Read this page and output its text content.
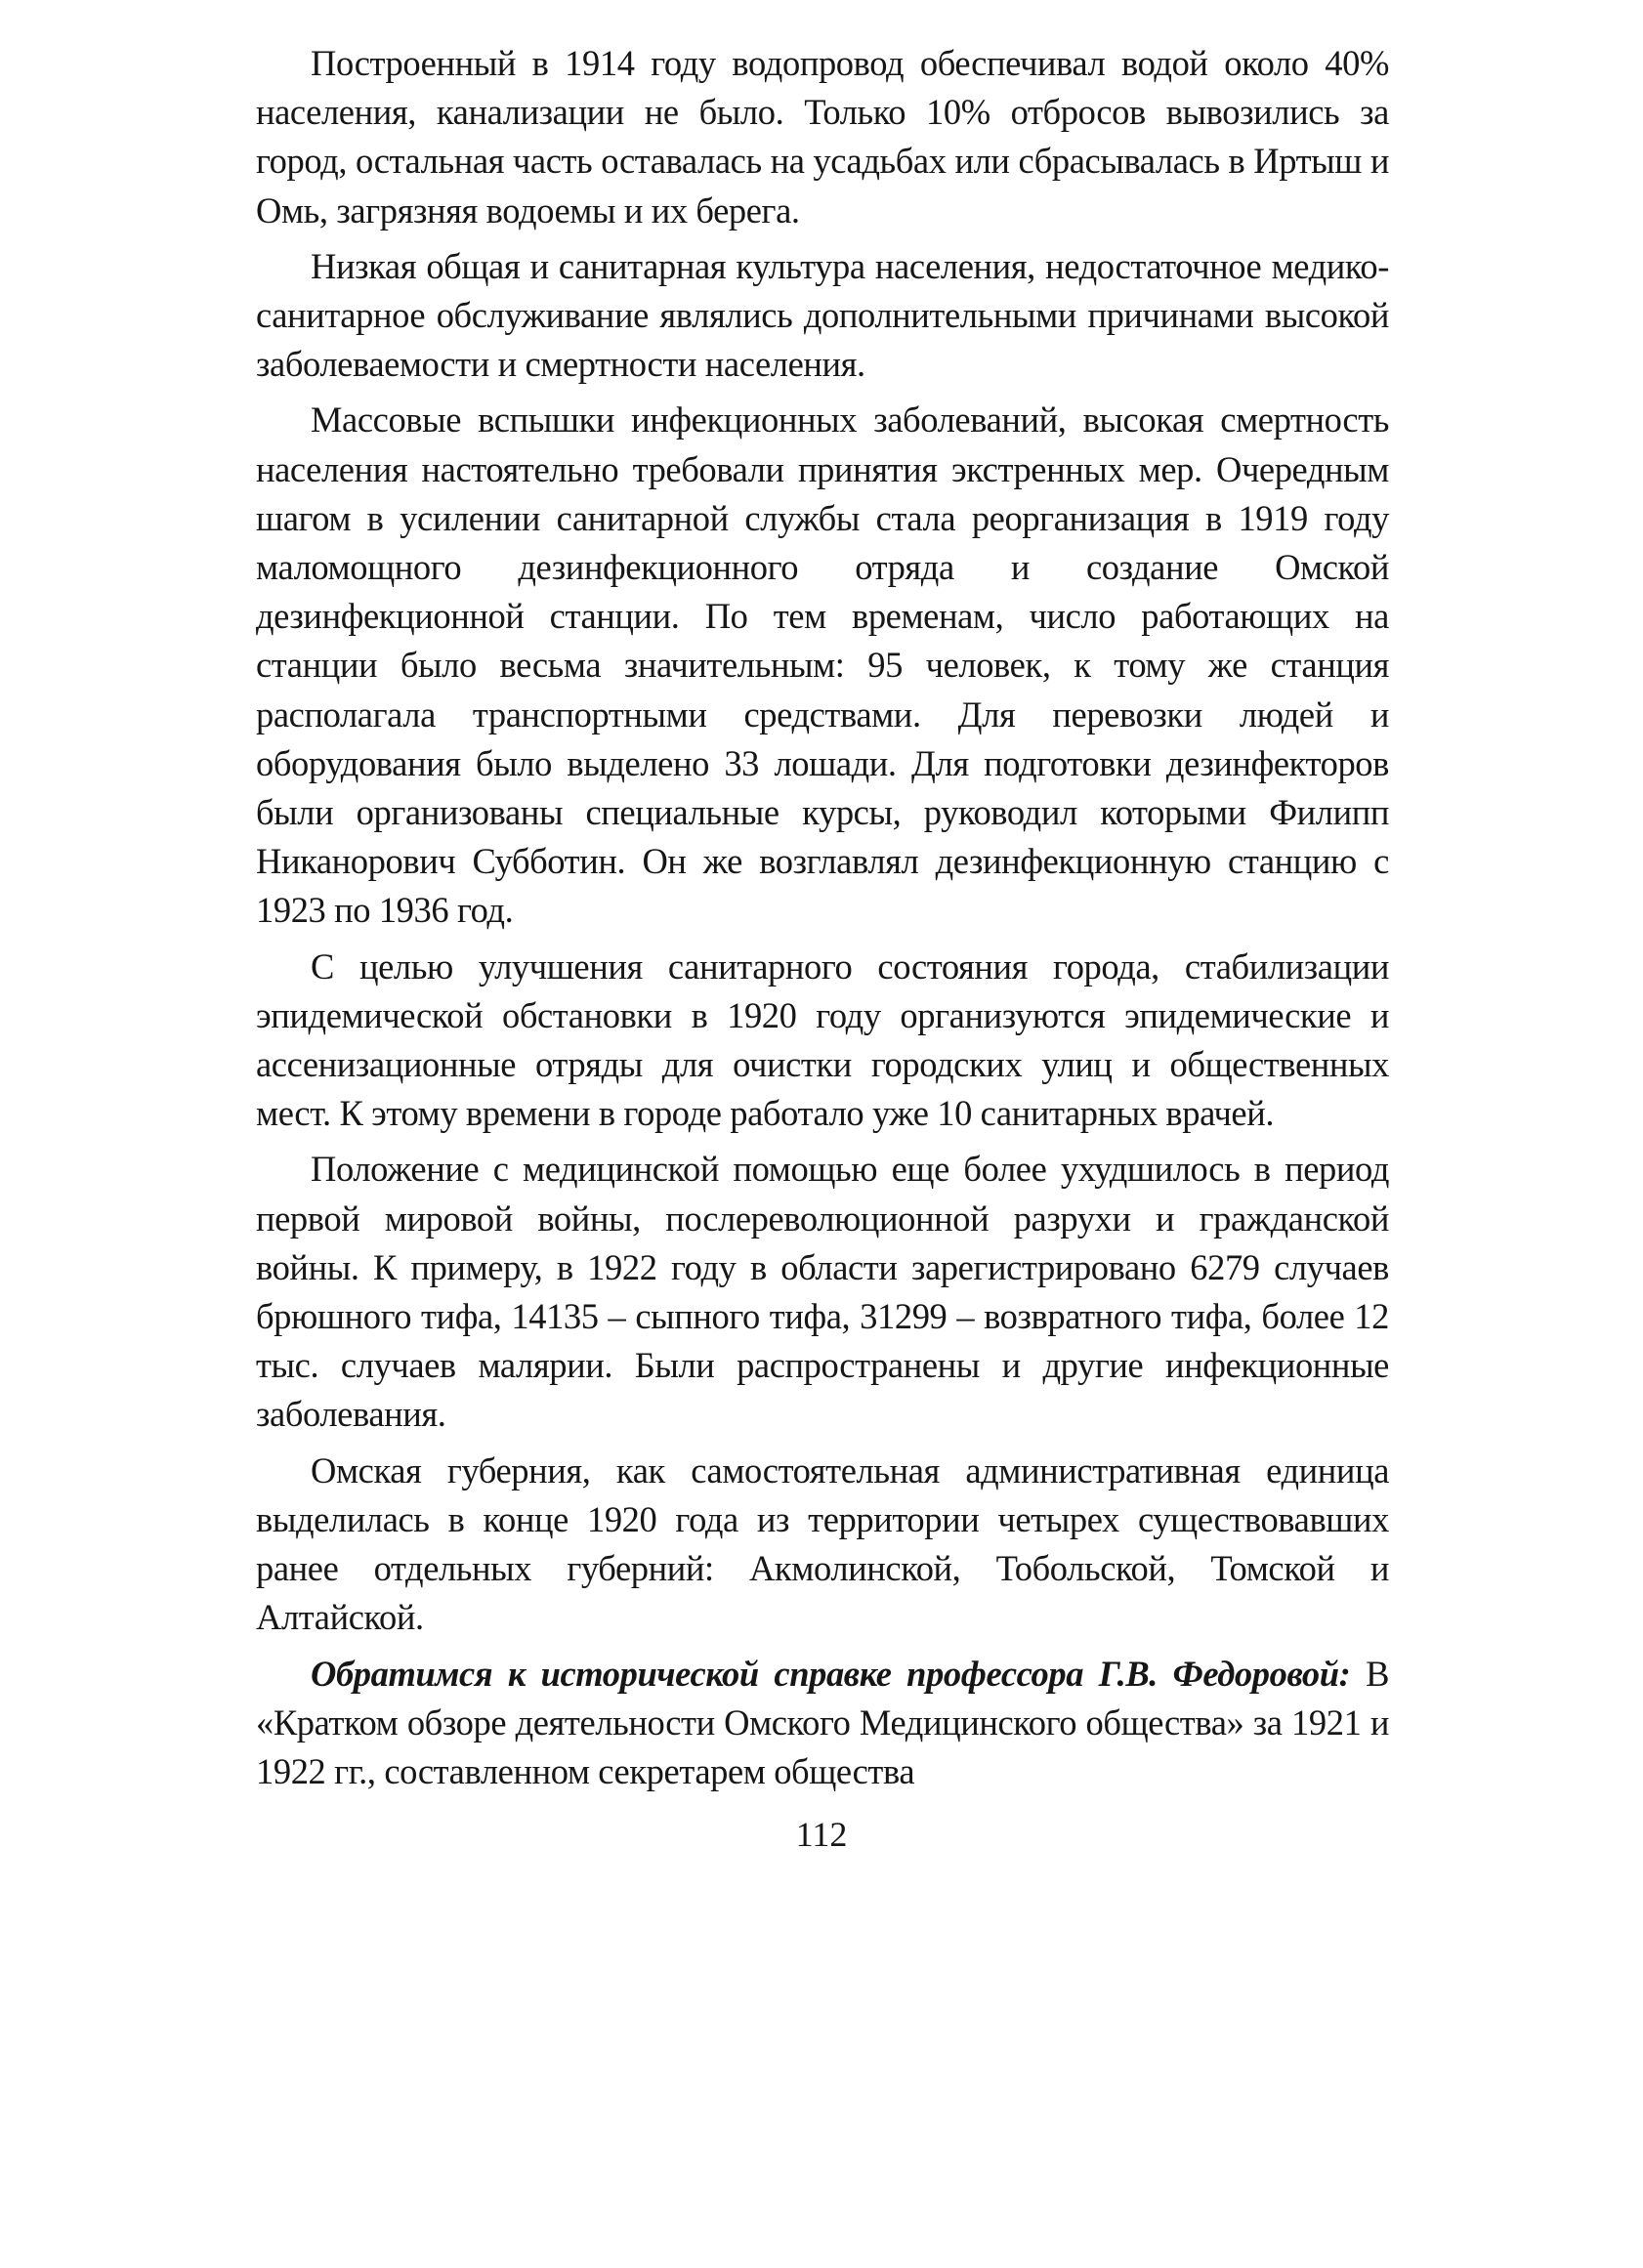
Построенный в 1914 году водопровод обеспечивал водой около 40% населения, канализации не было. Только 10% отбросов вывозились за город, остальная часть оставалась на усадьбах или сбрасывалась в Иртыш и Омь, загрязняя водоемы и их берега.

Низкая общая и санитарная культура населения, недостаточное медико-санитарное обслуживание являлись дополнительными причинами высокой заболеваемости и смертности населения.

Массовые вспышки инфекционных заболеваний, высокая смертность населения настоятельно требовали принятия экстренных мер. Очередным шагом в усилении санитарной службы стала реорганизация в 1919 году маломощного дезинфекционного отряда и создание Омской дезинфекционной станции. По тем временам, число работающих на станции было весьма значительным: 95 человек, к тому же станция располагала транспортными средствами. Для перевозки людей и оборудования было выделено 33 лошади. Для подготовки дезинфекторов были организованы специальные курсы, руководил которыми Филипп Никанорович Субботин. Он же возглавлял дезинфекционную станцию с 1923 по 1936 год.

С целью улучшения санитарного состояния города, стабилизации эпидемической обстановки в 1920 году организуются эпидемические и ассенизационные отряды для очистки городских улиц и общественных мест. К этому времени в городе работало уже 10 санитарных врачей.

Положение с медицинской помощью еще более ухудшилось в период первой мировой войны, послереволюционной разрухи и гражданской войны. К примеру, в 1922 году в области зарегистрировано 6279 случаев брюшного тифа, 14135 – сыпного тифа, 31299 – возвратного тифа, более 12 тыс. случаев малярии. Были распространены и другие инфекционные заболевания.

Омская губерния, как самостоятельная административная единица выделилась в конце 1920 года из территории четырех существовавших ранее отдельных губерний: Акмолинской, Тобольской, Томской и Алтайской.

Обратимся к исторической справке профессора Г.В. Федоровой: В «Кратком обзоре деятельности Омского Медицинского общества» за 1921 и 1922 гг., составленном секретарем общества

112
